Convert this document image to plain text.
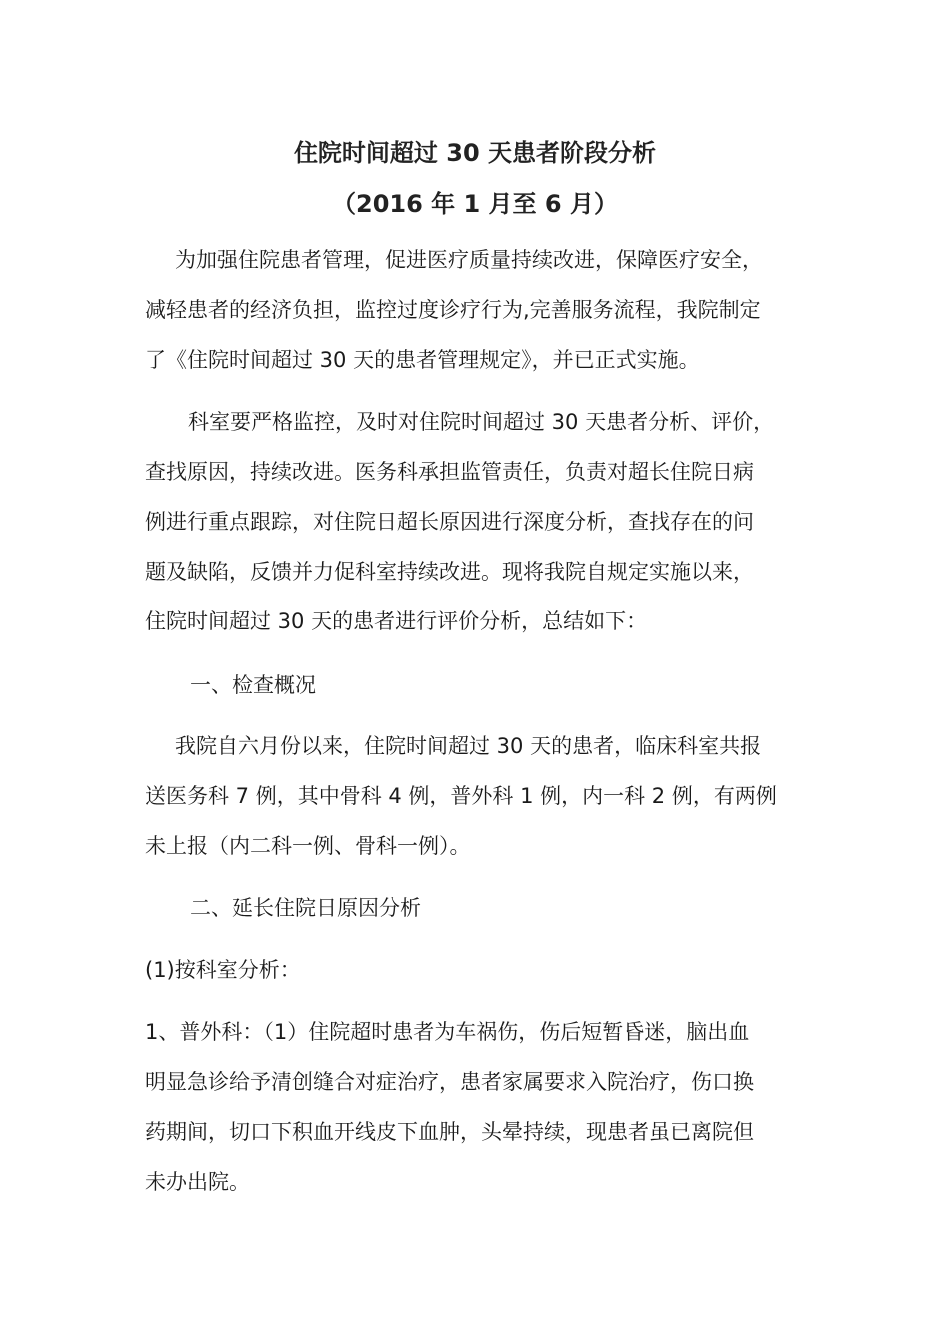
住院时间超过 30 天患者阶段分析
（2016 年 1 月至 6 月）
为加强住院患者管理，促进医疗质量持续改进，保障医疗安全，
减轻患者的经济负担，监控过度诊疗行为,完善服务流程，我院制定
了《住院时间超过 30 天的患者管理规定》，并已正式实施。
科室要严格监控，及时对住院时间超过 30 天患者分析、评价，
查找原因，持续改进。医务科承担监管责任，负责对超长住院日病
例进行重点跟踪，对住院日超长原因进行深度分析，查找存在的问
题及缺陷，反馈并力促科室持续改进。现将我院自规定实施以来，
住院时间超过 30 天的患者进行评价分析，总结如下：
一、检查概况
我院自六月份以来，住院时间超过 30 天的患者，临床科室共报
送医务科 7 例，其中骨科 4 例，普外科 1 例，内一科 2 例，有两例
未上报（内二科一例、骨科一例）。
二、延长住院日原因分析
(1)按科室分析：
1、普外科：（1）住院超时患者为车祸伤，伤后短暂昏迷，脑出血
明显急诊给予清创缝合对症治疗，患者家属要求入院治疗，伤口换
药期间，切口下积血开线皮下血肿，头晕持续，现患者虽已离院但
未办出院。
